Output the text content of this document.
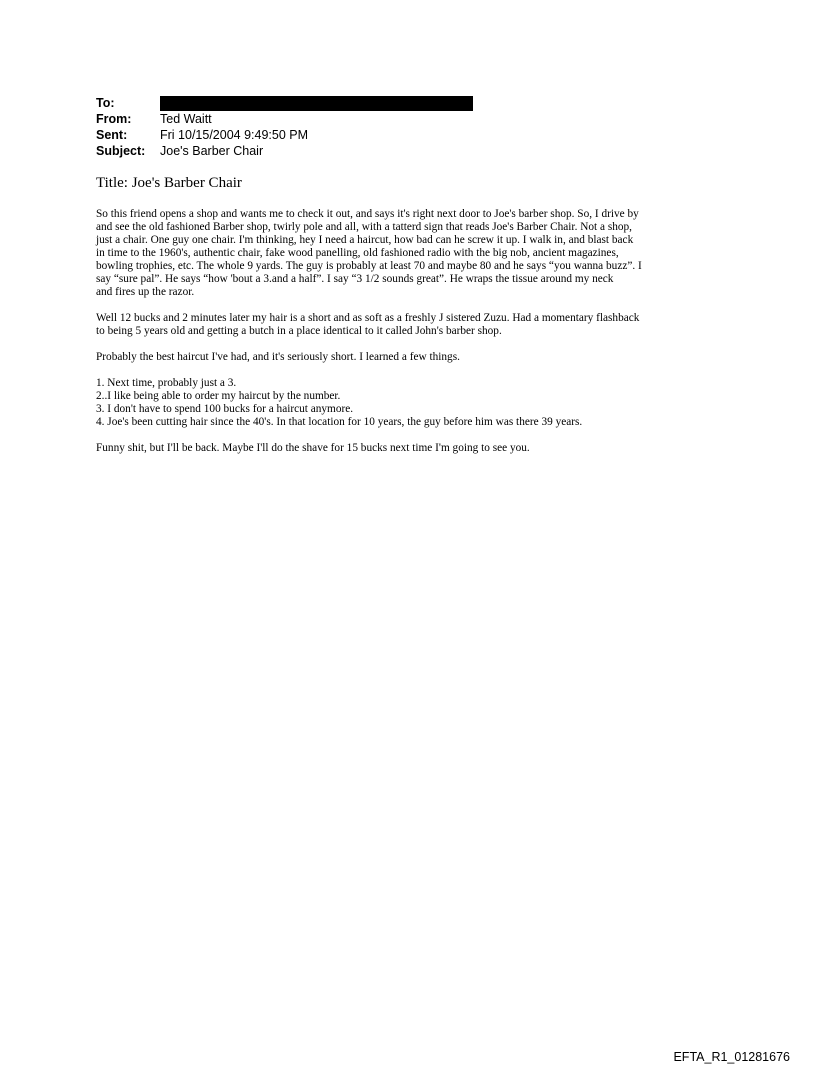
To:
From:	Ted Waitt
Sent:	Fri 10/15/2004 9:49:50 PM
Subject:	Joe's Barber Chair
Title: Joe's Barber Chair

So this friend opens a shop and wants me to check it out, and says it's right next door to Joe's barber shop. So, I drive by
and see the old fashioned Barber shop, twirly pole and all, with a tatterd sign that reads Joe's Barber Chair. Not a shop,
just a chair. One guy one chair. I'm thinking, hey I need a haircut, how bad can he screw it up. I walk in, and blast back
in time to the 1960's, authentic chair, fake wood panelling, old fashioned radio with the big nob, ancient magazines,
bowling trophies, etc. The whole 9 yards. The guy is probably at least 70 and maybe 80 and he says “you wanna buzz”. I
say “sure pal”. He says “how 'bout a 3.and a half”. I say “3 1/2 sounds great”. He wraps the tissue around my neck
and fires up the razor.

Well 12 bucks and 2 minutes later my hair is a short and as soft as a freshly J sistered Zuzu. Had a momentary flashback
to being 5 years old and getting a butch in a place identical to it called John's barber shop.

Probably the best haircut I've had, and it's seriously short. I learned a few things.

1. Next time, probably just a 3.
2..I like being able to order my haircut by the number.
3. I don't have to spend 100 bucks for a haircut anymore.
4. Joe's been cutting hair since the 40's. In that location for 10 years, the guy before him was there 39 years.

Funny shit, but I'll be back. Maybe I'll do the shave for 15 bucks next time I'm going to see you.

EFTA_R1_01281676
